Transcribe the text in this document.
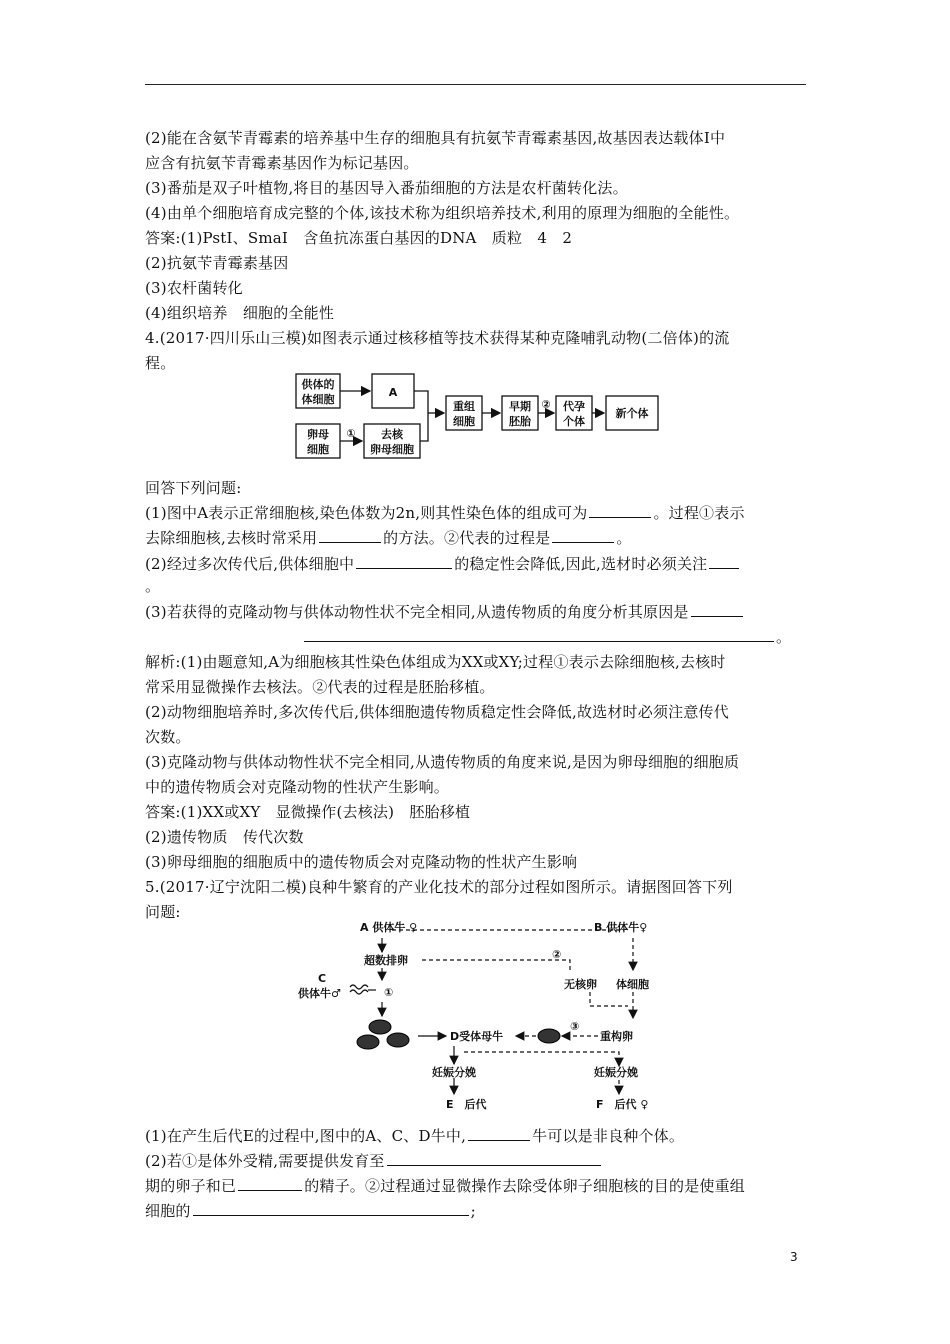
(2)能在含氨苄青霉素的培养基中生存的细胞具有抗氨苄青霉素基因,故基因表达载体Ⅰ中
应含有抗氨苄青霉素基因作为标记基因。
(3)番茄是双子叶植物,将目的基因导入番茄细胞的方法是农杆菌转化法。
(4)由单个细胞培育成完整的个体,该技术称为组织培养技术,利用的原理为细胞的全能性。
答案:(1)PstⅠ、SmaⅠ　含鱼抗冻蛋白基因的DNA　质粒　4　2
(2)抗氨苄青霉素基因
(3)农杆菌转化
(4)组织培养　细胞的全能性
4.(2017·四川乐山三模)如图表示通过核移植等技术获得某种克隆哺乳动物(二倍体)的流
程。
供体的
体细胞
A
卵母
细胞
① 去核
卵母细胞
重组
细胞
早期
胚胎
② 代孕
个体
新个体
回答下列问题:
(1)图中A表示正常细胞核,染色体数为2n,则其性染色体的组成可为	。过程①表示
去除细胞核,去核时常采用	的方法。②代表的过程是	。
(2)经过多次传代后,供体细胞中	的稳定性会降低,因此,选材时必须关注
。
(3)若获得的克隆动物与供体动物性状不完全相同,从遗传物质的角度分析其原因是
。
解析:(1)由题意知,A为细胞核其性染色体组成为XX或XY;过程①表示去除细胞核,去核时
常采用显微操作去核法。②代表的过程是胚胎移植。
(2)动物细胞培养时,多次传代后,供体细胞遗传物质稳定性会降低,故选材时必须注意传代
次数。
(3)克隆动物与供体动物性状不完全相同,从遗传物质的角度来说,是因为卵母细胞的细胞质
中的遗传物质会对克隆动物的性状产生影响。
答案:(1)XX或XY　显微操作(去核法)　胚胎移植
(2)遗传物质　传代次数
(3)卵母细胞的细胞质中的遗传物质会对克隆动物的性状产生影响
5.(2017·辽宁沈阳二模)良种牛繁育的产业化技术的部分过程如图所示。请据图回答下列
问题:
A 供体牛 ♀	B 供体牛♀
超数排卵	②
C
供体牛♂	①
无核卵 体细胞
D受体母牛
③
重构卵
妊娠分娩	妊娠分娩
E　后代	F　后代 ♀
(1)在产生后代E的过程中,图中的A、C、D牛中,	牛可以是非良种个体。
(2)若①是体外受精,需要提供发育至
期的卵子和已	的精子。②过程通过显微操作去除受体卵子细胞核的目的是使重组
细胞的	;
3
